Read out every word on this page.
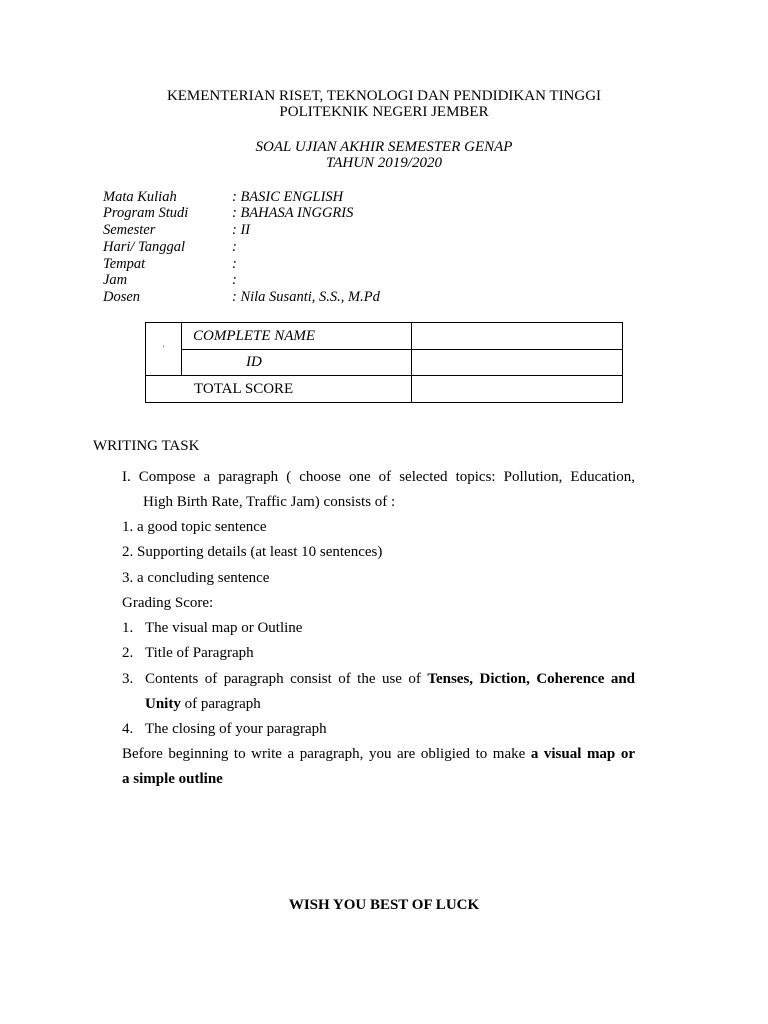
KEMENTERIAN RISET, TEKNOLOGI DAN PENDIDIKAN TINGGI
POLITEKNIK NEGERI JEMBER
SOAL UJIAN AKHIR SEMESTER GENAP
TAHUN 2019/2020
Mata Kuliah	: BASIC ENGLISH
Program Studi	: BAHASA INGGRIS
Semester	: II
Hari/ Tanggal	:
Tempat	:
Jam	:
Dosen	: Nila Susanti, S.S., M.Pd
'	COMPLETE NAME	
	ID	
TOTAL SCORE		
WRITING TASK
I. Compose a paragraph ( choose one of selected topics: Pollution, Education,
High Birth Rate, Traffic Jam) consists of :
1. a good topic sentence
2. Supporting details (at least 10 sentences)
3. a concluding sentence
Grading Score:
1. The visual map or Outline
2. Title of Paragraph
3. Contents of paragraph consist of the use of Tenses, Diction, Coherence and
Unity of paragraph
4. The closing of your paragraph
Before beginning to write a paragraph, you are obligied to make a visual map or
a simple outline
WISH YOU BEST OF LUCK
